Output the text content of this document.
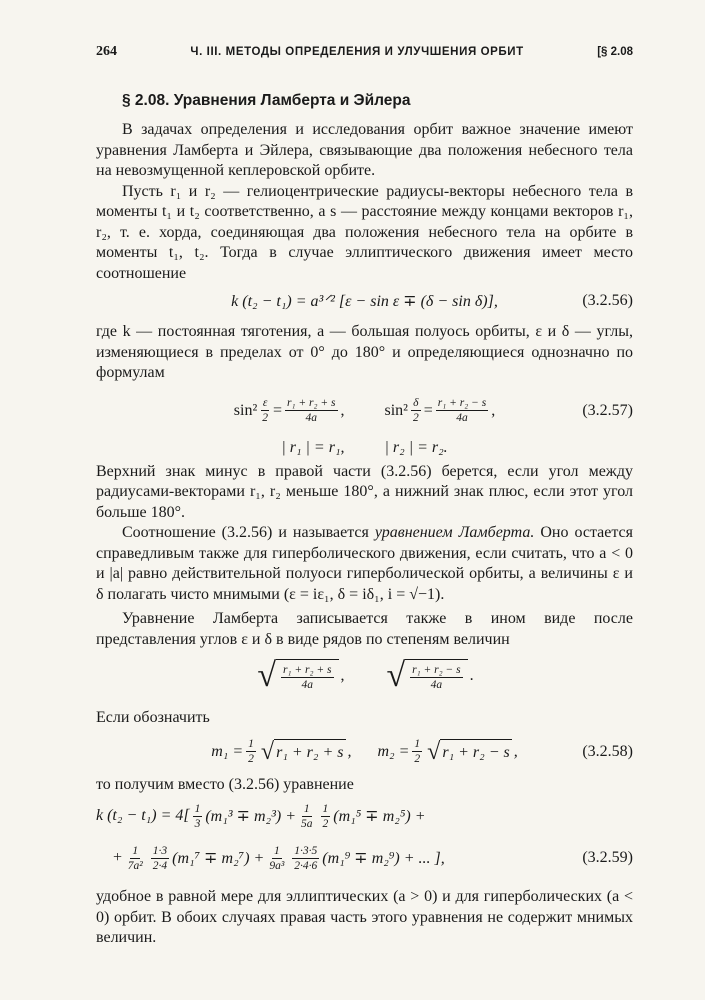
264	Ч. III. МЕТОДЫ ОПРЕДЕЛЕНИЯ И УЛУЧШЕНИЯ ОРБИТ	[§ 2.08
§ 2.08. Уравнения Ламберта и Эйлера

В задачах определения и исследования орбит важное значение имеют уравнения Ламберта и Эйлера, связывающие два положения небесного тела на невозмущенной кеплеровской орбите.

Пусть r₁ и r₂ — гелиоцентрические радиусы-векторы небесного тела в моменты t₁ и t₂ соответственно, а s — расстояние между концами векторов r₁, r₂, т. е. хорда, соединяющая два положения небесного тела на орбите в моменты t₁, t₂. Тогда в случае эллиптического движения имеет место соотношение

k (t₂ − t₁) = a³ᐟ² [ε − sin ε ∓ (δ − sin δ)],	(3.2.56)

где k — постоянная тяготения, a — большая полуось орбиты, ε и δ — углы, изменяющиеся в пределах от 0° до 180° и определяющиеся однозначно по формулам

$\sin^2 \frac{\varepsilon}{2} = \frac{\text{r₁ + r₂ + s}}{4a}$ ,	$\sin^2 \frac{\delta}{2} = \frac{\text{r₁ + r₂ − s}}{4a}$ ,	(3.2.57)
| r₁ | = r₁,	| r₂ | = r₂.

Верхний знак минус в правой части (3.2.56) берется, если угол между радиусами-векторами r₁, r₂ меньше 180°, а нижний знак плюс, если этот угол больше 180°.

Соотношение (3.2.56) и называется уравнением Ламберта. Оно остается справедливым также для гиперболического движения, если считать, что a < 0 и |a| равно действительной полуоси гиперболической орбиты, а величины ε и δ полагать чисто мнимыми (ε = iε₁, δ = iδ₁, i = √−1).

Уравнение Ламберта записывается также в ином виде после представления углов ε и δ в виде рядов по степеням величин

√ $\frac{\text{r₁ + r₂ + s}}{4a}$ , √ $\frac{\text{r₁ + r₂ − s}}{4a}$ .

Если обозначить

$m_1 = \frac{1}{2}$ √ r₁ + r₂ + s , $m_2 = \frac{1}{2}$ √ r₁ + r₂ − s ,	(3.2.58)

то получим вместо (3.2.56) уравнение

k $(t_2 - t_1) = 4[ \frac{1}{3} (m_1^3 \mp m_2^3) + \frac{1}{5a} \frac{1}{2} (m_1^5 \mp m_2^5)$ +
+ $\frac{1}{\text{7a²}} \frac{1\cdot 3}{2\cdot 4} (m_1^7 \mp m_2^7) + \frac{1}{\text{9a³}} \frac{1\cdot 3\cdot 5}{2\cdot 4\cdot 6} (m_1^9 \mp m_2^9)$ + ... ],	(3.2.59)

удобное в равной мере для эллиптических (a > 0) и для гиперболических (a < 0) орбит. В обоих случаях правая часть этого уравнения не содержит мнимых величин.
